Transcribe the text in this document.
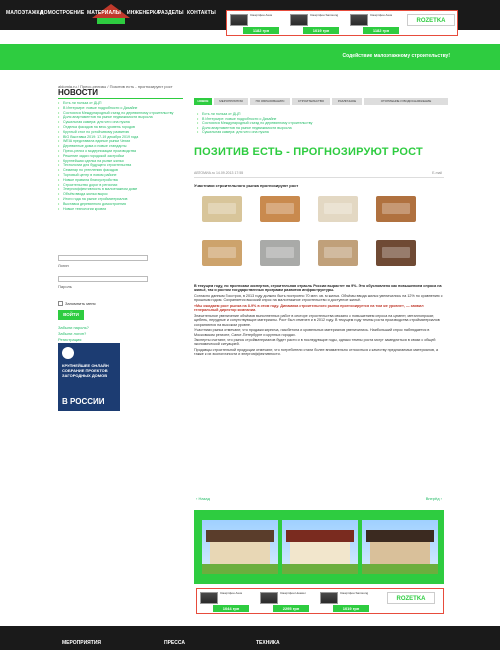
МАЛОЭТАЖКА
ДОМОСТРОЕНИЕ МАТЕРИАЛЫ ИНЖЕНЕРКА
РАЗДЕЛЫ КОНТАКТЫ	Смартфон Asus
1182 грн
Смартфон Samsung
1019 грн
Смартфон Asus
1182 грн
ROZETKA
Содействие малоэтажному строительству!
aldomia.ru / Пресс-релизы / Позитив есть - прогнозируют рост
НОВОСТИ
• Есть ли польза от ДЦП
• В Интерьере: новые подробности о Дизайне
• Состоялся Международный съезд по деревянному строительству
• Доля апартаментов на рынке недвижимости выросла
• Сушильная камера: для чего она нужна
• Отделка фасадов на весь уровень городов
• Круглый стол по устойчивому развитию
• BIG Выставка 2019: 17-19 декабря 2019 года
• WEIA представила единые рынки Чехии
• Деревянные дома и новые стандарты
• Пресс-релиз о модернизации производства
• Решение задач городской застройки
• Крупнейшая сделка на рынке жилья
• Технологии для будущего строительства
• Семинар по утеплению фасадов
• Торговый центр в новом районе
• Новые правила благоустройства
• Строительство дорог в регионах
• Энергоэффективность в малоэтажном доме
• Объём ввода жилья вырос
• Итоги года на рынке стройматериалов
• Выставка деревянного домостроения
• Новые технологии кровли
Логин
Пароль
Запомнить меня
ВОЙТИ
Забыли пароль?
Забыли логин?
Регистрация
КРУПНЕЙШЕЕ ОНЛАЙН СОБРАНИЕ ПРОЕКТОВ ЗАГОРОДНЫХ ДОМОВ
В РОССИИ
НОВОЕ	МЕРОПРИЯТИЯ	ПО ОБРАЗОВАНИЮ	СТРОИТЕЛЬСТВО	РАЗЛИЧНОЕ	ОТОПЛЕНИЕ И ВОДОСНАБЖЕНИЕ
• Есть ли польза от ДЦП
• В Интерьере: новые подробности о Дизайне
• Состоялся Международный съезд по деревянному строительству
• Доля апартаментов на рынке недвижимости выросла
• Сушильная камера: для чего она нужна
ПОЗИТИВ ЕСТЬ - ПРОГНОЗИРУЮТ РОСТ
АВТОМИА.ru 14.09.2013 17:55	E-mail
Участники строительного рынка прогнозируют рост

В текущем году, по прогнозам экспертов, строительная отрасль России вырастет на 9%. Это обусловлено как повышением спроса на жильё, так и ростом государственных программ развития инфраструктуры.

Согласно данным Госстроя, в 2013 году должно быть построено 70 млн. кв. м жилья. Объёмы ввода жилья увеличились на 12% по сравнению с прошлым годом. Сохраняется высокий спрос на малоэтажное строительство и доступное жильё.

«Мы ожидаем рост рынка на 8-9% в этом году. Динамика строительного рынка прогнозируется на том же уровне», — заявил генеральный директор компании.

Значительное увеличение объёмов выполненных работ в секторе строительства связано с повышением спроса на цемент, металлопрокат, щебень, нерудные и сопутствующие материалы. Рост был отмечен и в 2012 году. В текущем году темпы роста производства стройматериалов сохраняются на высоком уровне.

Участники рынка отмечают, что продажи кирпича, газобетона и кровельных материалов увеличились. Наибольший спрос наблюдается в Московском регионе, Санкт-Петербурге и крупных городах.

Эксперты считают, что рынок стройматериалов будет расти и в последующие годы, однако темпы роста могут замедлиться в связи с общей экономической ситуацией.

Продавцы строительной продукции отмечают, что потребители стали более внимательно относиться к качеству предлагаемых материалов, а также к их экологичности и энергоэффективности.

‹ Назад	Вперёд ›
Смартфон Asus
1044 грн
Смартфон Huawei
2295 грн
Смартфон Samsung
1019 грн
ROZETKA
МЕРОПРИЯТИЯ	ПРЕССА	ТЕХНИКА
